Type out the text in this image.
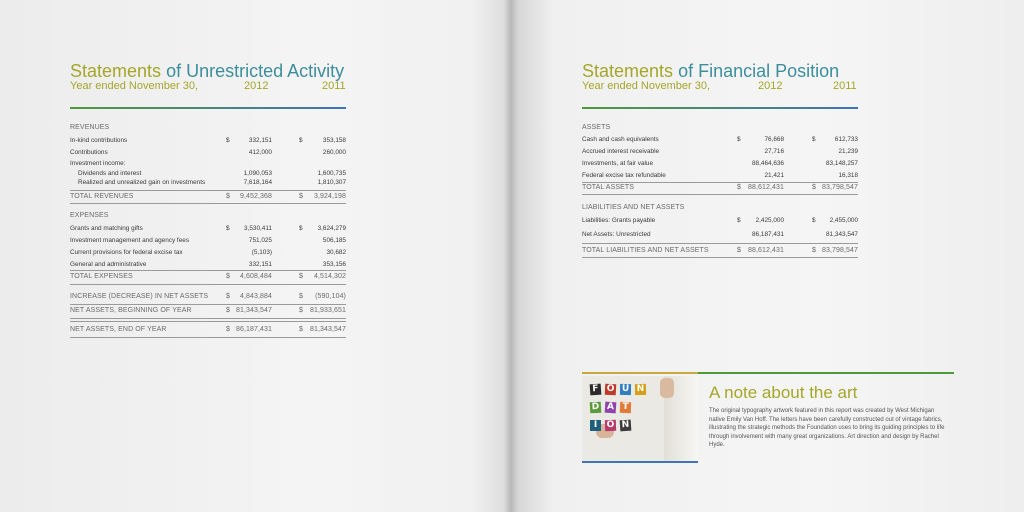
Statements of Unrestricted Activity
Year ended November 30,	2012	2011
REVENUES
In-kind contributions	$	332,151	$	353,158
Contributions	412,000	260,000
Investment income:
Dividends and interest	1,090,053	1,600,735
Realized and unrealized gain on investments	7,618,164	1,810,307
TOTAL REVENUES	$	9,452,368	$	3,924,198
EXPENSES
Grants and matching gifts	$	3,530,411	$	3,624,279
Investment management and agency fees	751,025	506,185
Current provisions for federal excise tax	(5,103)	30,682
General and administrative	332,151	353,156
TOTAL EXPENSES	$	4,608,484	$	4,514,302
INCREASE (DECREASE) IN NET ASSETS	$	4,843,884	$	(590,104)
NET ASSETS, BEGINNING OF YEAR	$ 81,343,547	$ 81,933,651
NET ASSETS, END OF YEAR	$ 86,187,431	$ 81,343,547
Statements of Financial Position
Year ended November 30,	2012	2011
ASSETS
Cash and cash equivalents	$	76,668	$	612,733
Accrued interest receivable	27,716	21,239
Investments, at fair value	88,464,636	83,148,257
Federal excise tax refundable	21,421	16,318
TOTAL ASSETS	$ 88,612,431	$ 83,798,547
LIABILITIES AND NET ASSETS
Liabilities: Grants payable	$	2,425,000	$	2,455,000
Net Assets: Unrestricted	86,187,431	81,343,547
TOTAL LIABILITIES AND NET ASSETS	$ 88,612,431	$ 83,798,547
F O U N
D A T
I	O N
A note about the art
The original typography artwork featured in this report was created by West Michigan native Emily Van Hoff. The letters have been carefully constructed out of vintage fabrics, illustrating the strategic methods the Foundation uses to bring its guiding principles to life through involvement with many great organizations. Art direction and design by Rachel Hyde.
